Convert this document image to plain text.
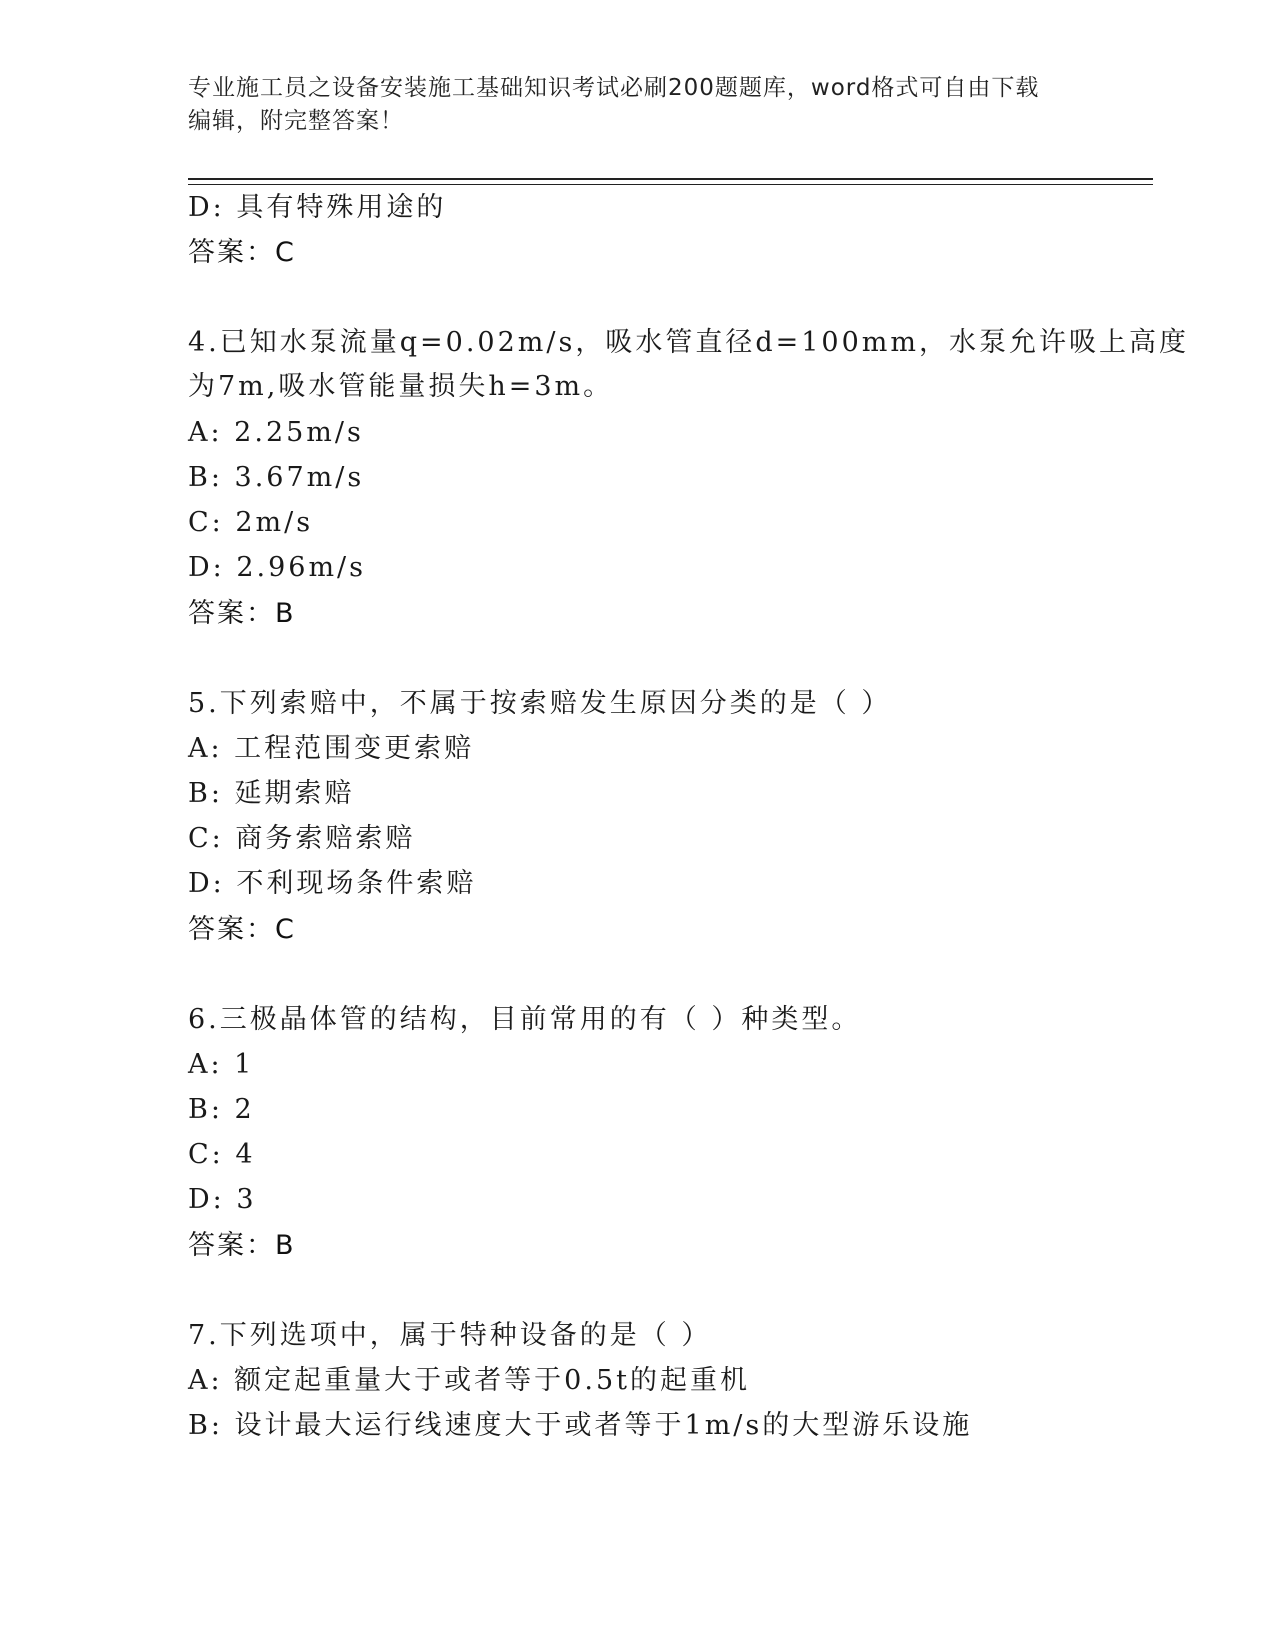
专业施工员之设备安装施工基础知识考试必刷200题题库，word格式可自由下载
编辑，附完整答案！
D: 具有特殊用途的
答案：C
4.已知水泵流量q=0.02m/s，吸水管直径d=100mm，水泵允许吸上高度
为7m,吸水管能量损失h=3m。
A: 2.25m/s
B: 3.67m/s
C: 2m/s
D: 2.96m/s
答案：B
5.下列索赔中，不属于按索赔发生原因分类的是（ ）
A: 工程范围变更索赔
B: 延期索赔
C: 商务索赔索赔
D: 不利现场条件索赔
答案：C
6.三极晶体管的结构，目前常用的有（ ）种类型。
A: 1
B: 2
C: 4
D: 3
答案：B
7.下列选项中，属于特种设备的是（ ）
A: 额定起重量大于或者等于0.5t的起重机
B: 设计最大运行线速度大于或者等于1m/s的大型游乐设施
